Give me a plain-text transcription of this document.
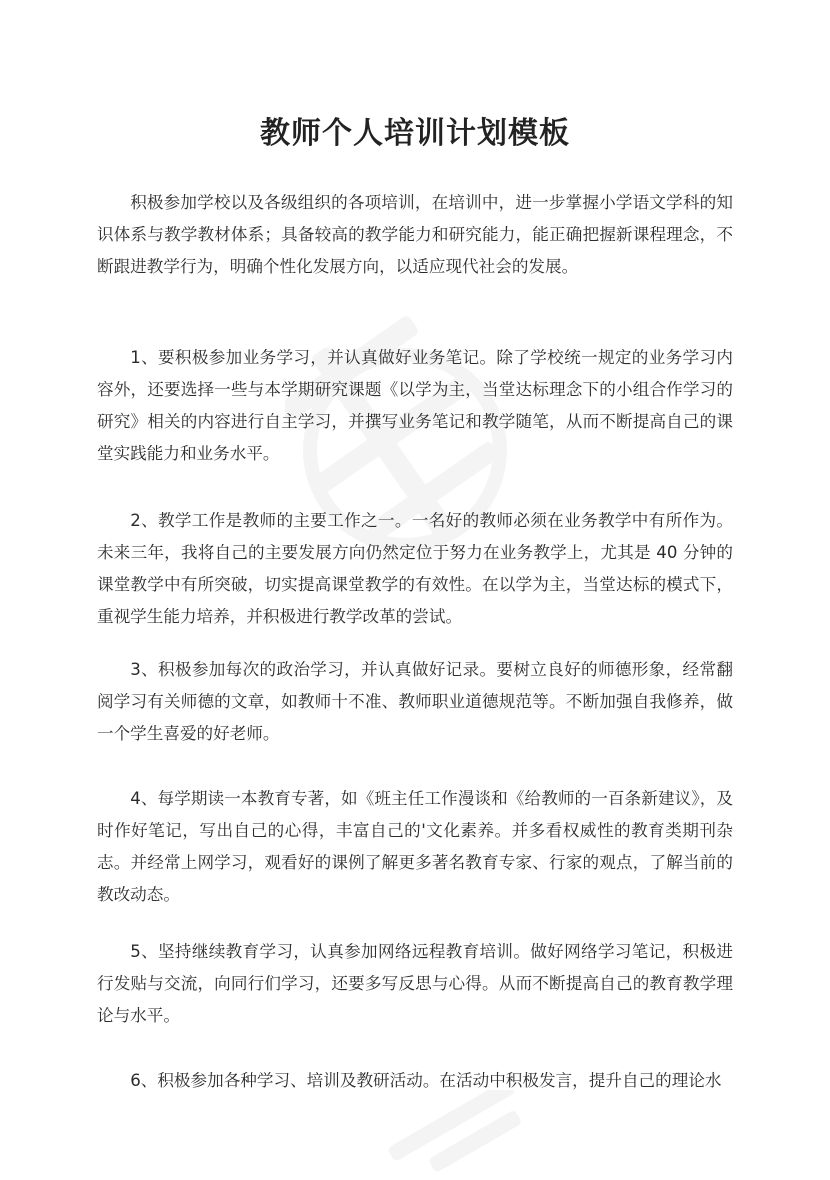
教师个人培训计划模板

积极参加学校以及各级组织的各项培训，在培训中，进一步掌握小学语文学科的知识体系与教学教材体系；具备较高的教学能力和研究能力，能正确把握新课程理念，不断跟进教学行为，明确个性化发展方向，以适应现代社会的发展。

1、要积极参加业务学习，并认真做好业务笔记。除了学校统一规定的业务学习内容外，还要选择一些与本学期研究课题《以学为主，当堂达标理念下的小组合作学习的研究》相关的内容进行自主学习，并撰写业务笔记和教学随笔，从而不断提高自己的课堂实践能力和业务水平。

2、教学工作是教师的主要工作之一。一名好的教师必须在业务教学中有所作为。未来三年，我将自己的主要发展方向仍然定位于努力在业务教学上，尤其是 40 分钟的课堂教学中有所突破，切实提高课堂教学的有效性。在以学为主，当堂达标的模式下，重视学生能力培养，并积极进行教学改革的尝试。

3、积极参加每次的政治学习，并认真做好记录。要树立良好的师德形象，经常翻阅学习有关师德的文章，如教师十不准、教师职业道德规范等。不断加强自我修养，做一个学生喜爱的好老师。

4、每学期读一本教育专著，如《班主任工作漫谈和《给教师的一百条新建议》，及时作好笔记，写出自己的心得，丰富自己的'文化素养。并多看权威性的教育类期刊杂志。并经常上网学习，观看好的课例了解更多著名教育专家、行家的观点，了解当前的教改动态。

5、坚持继续教育学习，认真参加网络远程教育培训。做好网络学习笔记，积极进行发贴与交流，向同行们学习，还要多写反思与心得。从而不断提高自己的教育教学理论与水平。

6、积极参加各种学习、培训及教研活动。在活动中积极发言，提升自己的理论水
